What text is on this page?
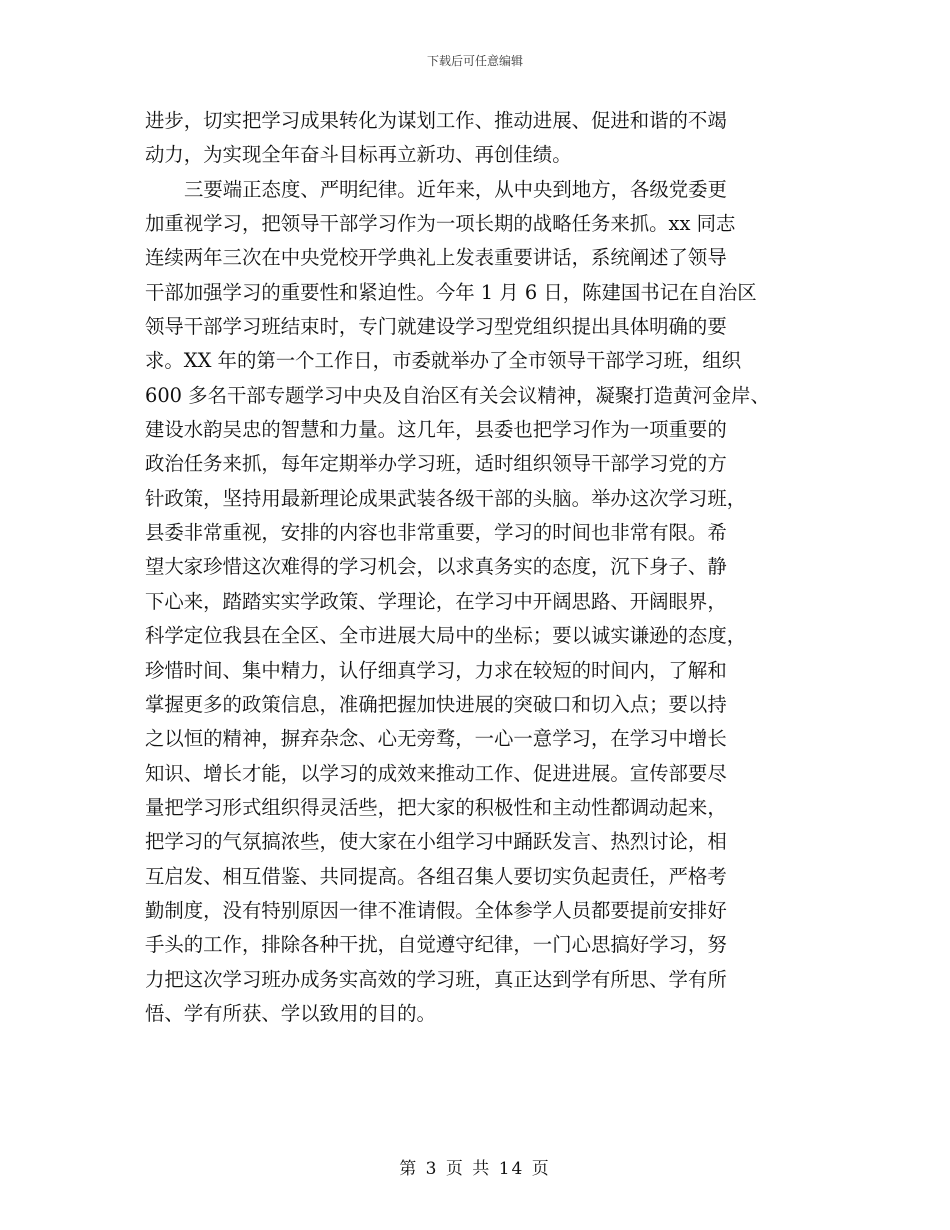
下载后可任意编辑
进步，切实把学习成果转化为谋划工作、推动进展、促进和谐的不竭
动力，为实现全年奋斗目标再立新功、再创佳绩。
三要端正态度、严明纪律。近年来，从中央到地方，各级党委更
加重视学习，把领导干部学习作为一项长期的战略任务来抓。xx 同志
连续两年三次在中央党校开学典礼上发表重要讲话，系统阐述了领导
干部加强学习的重要性和紧迫性。今年 1 月 6 日，陈建国书记在自治区
领导干部学习班结束时，专门就建设学习型党组织提出具体明确的要
求。XX 年的第一个工作日，市委就举办了全市领导干部学习班，组织
600 多名干部专题学习中央及自治区有关会议精神，凝聚打造黄河金岸、
建设水韵吴忠的智慧和力量。这几年，县委也把学习作为一项重要的
政治任务来抓，每年定期举办学习班，适时组织领导干部学习党的方
针政策，坚持用最新理论成果武装各级干部的头脑。举办这次学习班，
县委非常重视，安排的内容也非常重要，学习的时间也非常有限。希
望大家珍惜这次难得的学习机会，以求真务实的态度，沉下身子、静
下心来，踏踏实实学政策、学理论，在学习中开阔思路、开阔眼界，
科学定位我县在全区、全市进展大局中的坐标；要以诚实谦逊的态度，
珍惜时间、集中精力，认仔细真学习，力求在较短的时间内，了解和
掌握更多的政策信息，准确把握加快进展的突破口和切入点；要以持
之以恒的精神，摒弃杂念、心无旁骛，一心一意学习，在学习中增长
知识、增长才能，以学习的成效来推动工作、促进进展。宣传部要尽
量把学习形式组织得灵活些，把大家的积极性和主动性都调动起来，
把学习的气氛搞浓些，使大家在小组学习中踊跃发言、热烈讨论，相
互启发、相互借鉴、共同提高。各组召集人要切实负起责任，严格考
勤制度，没有特别原因一律不准请假。全体参学人员都要提前安排好
手头的工作，排除各种干扰，自觉遵守纪律，一门心思搞好学习，努
力把这次学习班办成务实高效的学习班，真正达到学有所思、学有所
悟、学有所获、学以致用的目的。
第 3 页 共 14 页
